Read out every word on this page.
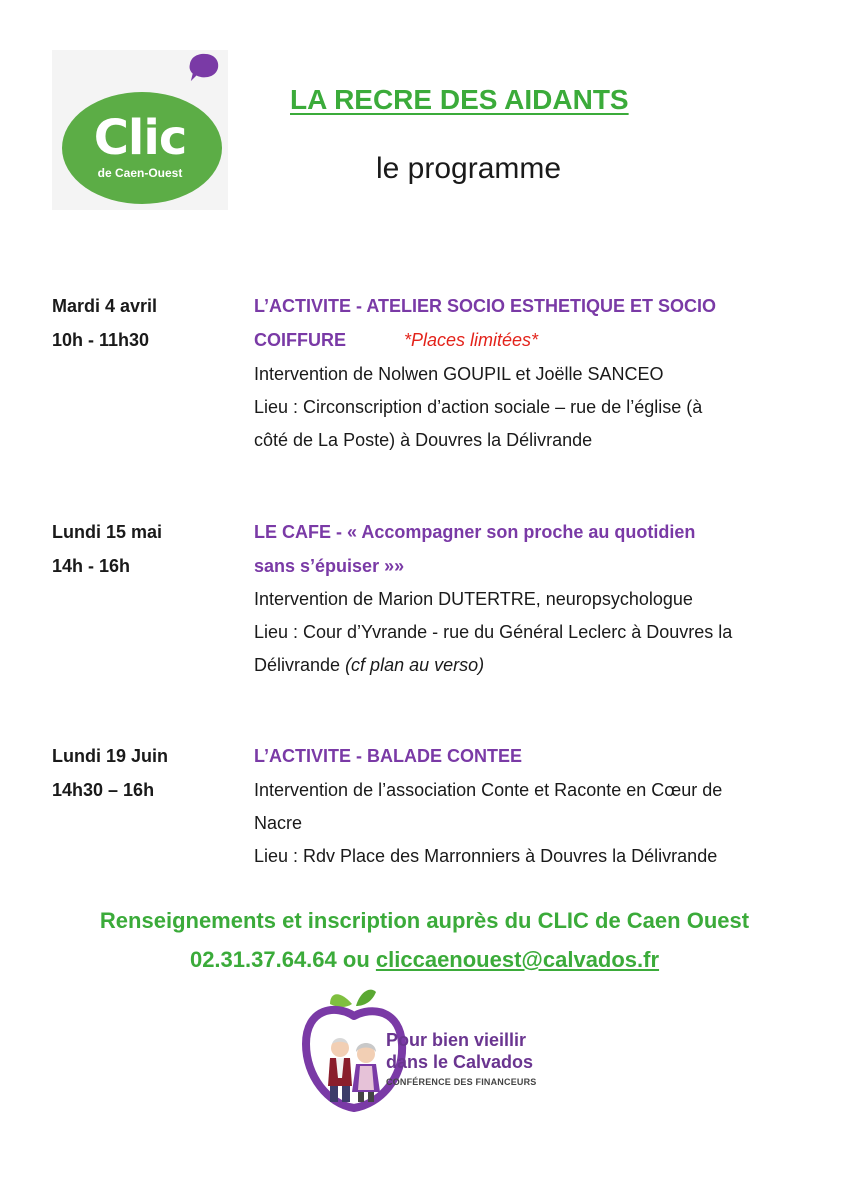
Clic
de Caen-Ouest
LA RECRE DES AIDANTS
le programme
Mardi 4 avril
10h - 11h30
L’ACTIVITE - ATELIER SOCIO ESTHETIQUE ET SOCIO
COIFFURE	*Places limitées*
Intervention de Nolwen GOUPIL et Joëlle SANCEO
Lieu : Circonscription d’action sociale – rue de l’église (à
côté de La Poste) à Douvres la Délivrande
Lundi 15 mai
14h - 16h
LE CAFE - « Accompagner son proche au quotidien
sans s’épuiser »»
Intervention de Marion DUTERTRE, neuropsychologue
Lieu : Cour d’Yvrande - rue du Général Leclerc à Douvres la
Délivrande (cf plan au verso)
Lundi 19 Juin
14h30 – 16h
L’ACTIVITE - BALADE CONTEE
Intervention de l’association Conte et Raconte en Cœur de
Nacre
Lieu : Rdv Place des Marronniers à Douvres la Délivrande
Renseignements et inscription auprès du CLIC de Caen Ouest
02.31.37.64.64 ou cliccaenouest@calvados.fr
Pour bien vieillir
dans le Calvados
CONFÉRENCE DES FINANCEURS
